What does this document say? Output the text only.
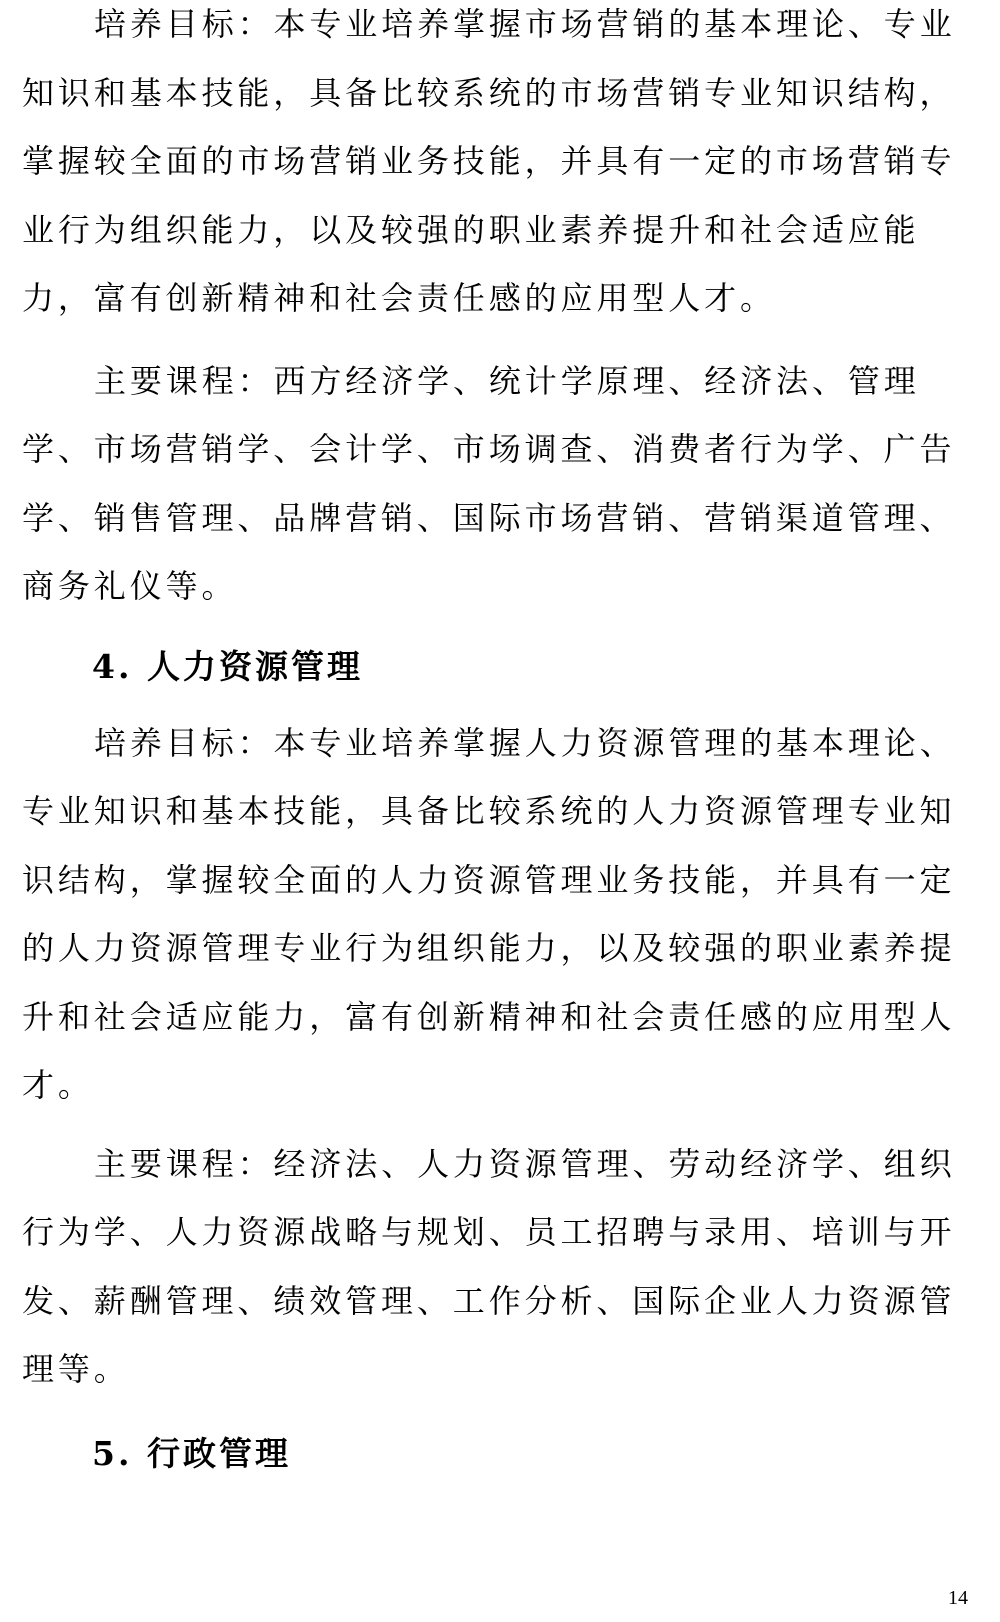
培养目标：本专业培养掌握市场营销的基本理论、专业知识和基本技能，具备比较系统的市场营销专业知识结构，掌握较全面的市场营销业务技能，并具有一定的市场营销专业行为组织能力，以及较强的职业素养提升和社会适应能力，富有创新精神和社会责任感的应用型人才。

主要课程：西方经济学、统计学原理、经济法、管理学、市场营销学、会计学、市场调查、消费者行为学、广告学、销售管理、品牌营销、国际市场营销、营销渠道管理、商务礼仪等。

4. 人力资源管理

培养目标：本专业培养掌握人力资源管理的基本理论、专业知识和基本技能，具备比较系统的人力资源管理专业知识结构，掌握较全面的人力资源管理业务技能，并具有一定的人力资源管理专业行为组织能力，以及较强的职业素养提升和社会适应能力，富有创新精神和社会责任感的应用型人才。

主要课程：经济法、人力资源管理、劳动经济学、组织行为学、人力资源战略与规划、员工招聘与录用、培训与开发、薪酬管理、绩效管理、工作分析、国际企业人力资源管理等。

5. 行政管理
14
